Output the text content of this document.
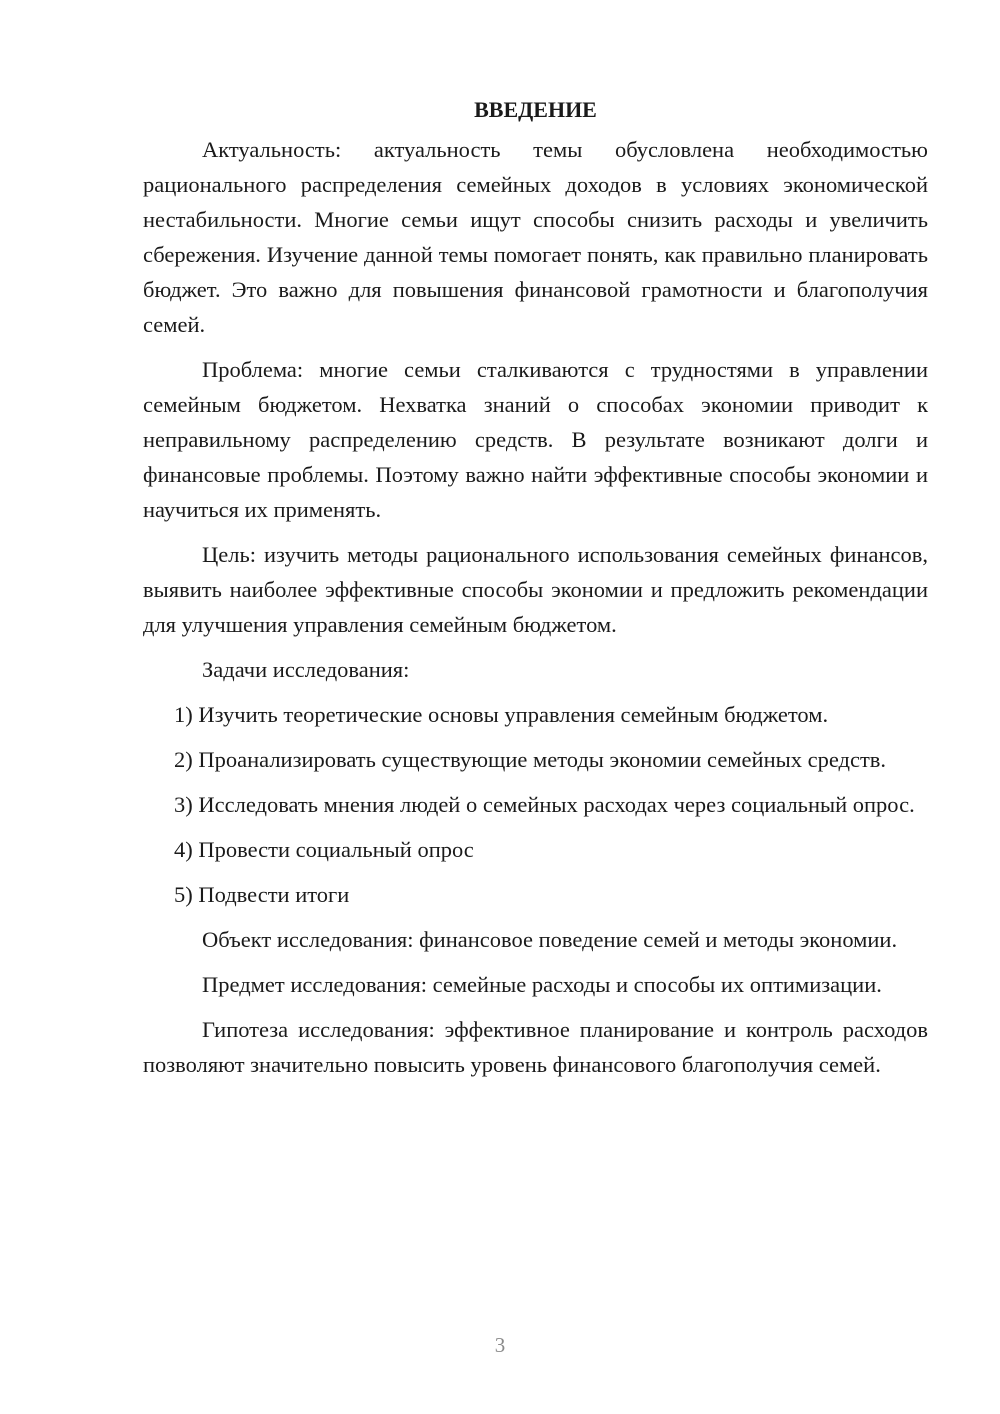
ВВЕДЕНИЕ

Актуальность: актуальность темы обусловлена необходимостью рационального распределения семейных доходов в условиях экономической нестабильности. Многие семьи ищут способы снизить расходы и увеличить сбережения. Изучение данной темы помогает понять, как правильно планировать бюджет. Это важно для повышения финансовой грамотности и благополучия семей.

Проблема: многие семьи сталкиваются с трудностями в управлении семейным бюджетом. Нехватка знаний о способах экономии приводит к неправильному распределению средств. В результате возникают долги и финансовые проблемы. Поэтому важно найти эффективные способы экономии и научиться их применять.

Цель: изучить методы рационального использования семейных финансов, выявить наиболее эффективные способы экономии и предложить рекомендации для улучшения управления семейным бюджетом.

Задачи исследования:

1) Изучить теоретические основы управления семейным бюджетом.

2) Проанализировать существующие методы экономии семейных средств.

3) Исследовать мнения людей о семейных расходах через социальный опрос.

4) Провести социальный опрос

5) Подвести итоги

Объект исследования: финансовое поведение семей и методы экономии.

Предмет исследования: семейные расходы и способы их оптимизации.

Гипотеза исследования: эффективное планирование и контроль расходов позволяют значительно повысить уровень финансового благополучия семей.

3
